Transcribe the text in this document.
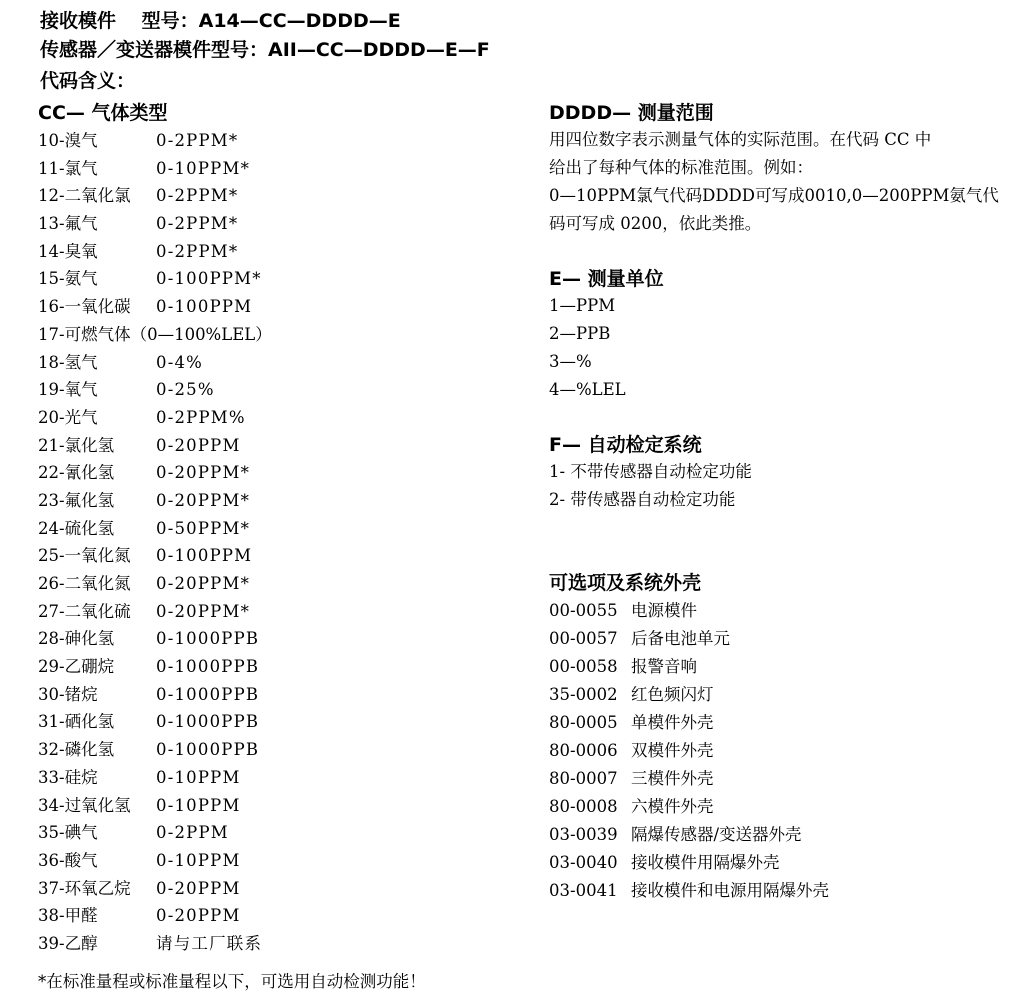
接收模件　 型号：A14—CC—DDDD—E
传感器／变送器模件型号：AII—CC—DDDD—E—F
代码含义：
CC— 气体类型
10-溴气	0-2PPM*
11-氯气	0-10PPM*
12-二氧化氯 0-2PPM*
13-氟气	0-2PPM*
14-臭氧	0-2PPM*
15-氨气	0-100PPM*
16-一氧化碳 0-100PPM
17-可燃气体（0—100%LEL）
18-氢气	0-4%
19-氧气	0-25%
20-光气	0-2PPM%
21-氯化氢	0-20PPM
22-氰化氢	0-20PPM*
23-氟化氢	0-20PPM*
24-硫化氢	0-50PPM*
25-一氧化氮 0-100PPM
26-二氧化氮 0-20PPM*
27-二氧化硫 0-20PPM*
28-砷化氢	0-1000PPB
29-乙硼烷	0-1000PPB
30-锗烷	0-1000PPB
31-硒化氢	0-1000PPB
32-磷化氢	0-1000PPB
33-硅烷	0-10PPM
34-过氧化氢 0-10PPM
35-碘气	0-2PPM
36-酸气	0-10PPM
37-环氧乙烷 0-20PPM
38-甲醛	0-20PPM
39-乙醇	请与工厂联系
*在标准量程或标准量程以下，可选用自动检测功能！
DDDD— 测量范围
用四位数字表示测量气体的实际范围。在代码 CC 中
给出了每种气体的标准范围。例如：
0—10PPM氯气代码DDDD可写成0010,0—200PPM氨气代
码可写成 0200，依此类推。
E— 测量单位
1—PPM
2—PPB
3—%
4—%LEL
F— 自动检定系统
1- 不带传感器自动检定功能
2- 带传感器自动检定功能
可选项及系统外壳
00-0055 电源模件
00-0057 后备电池单元
00-0058 报警音响
35-0002 红色频闪灯
80-0005 单模件外壳
80-0006 双模件外壳
80-0007 三模件外壳
80-0008 六模件外壳
03-0039 隔爆传感器/变送器外壳
03-0040 接收模件用隔爆外壳
03-0041 接收模件和电源用隔爆外壳
